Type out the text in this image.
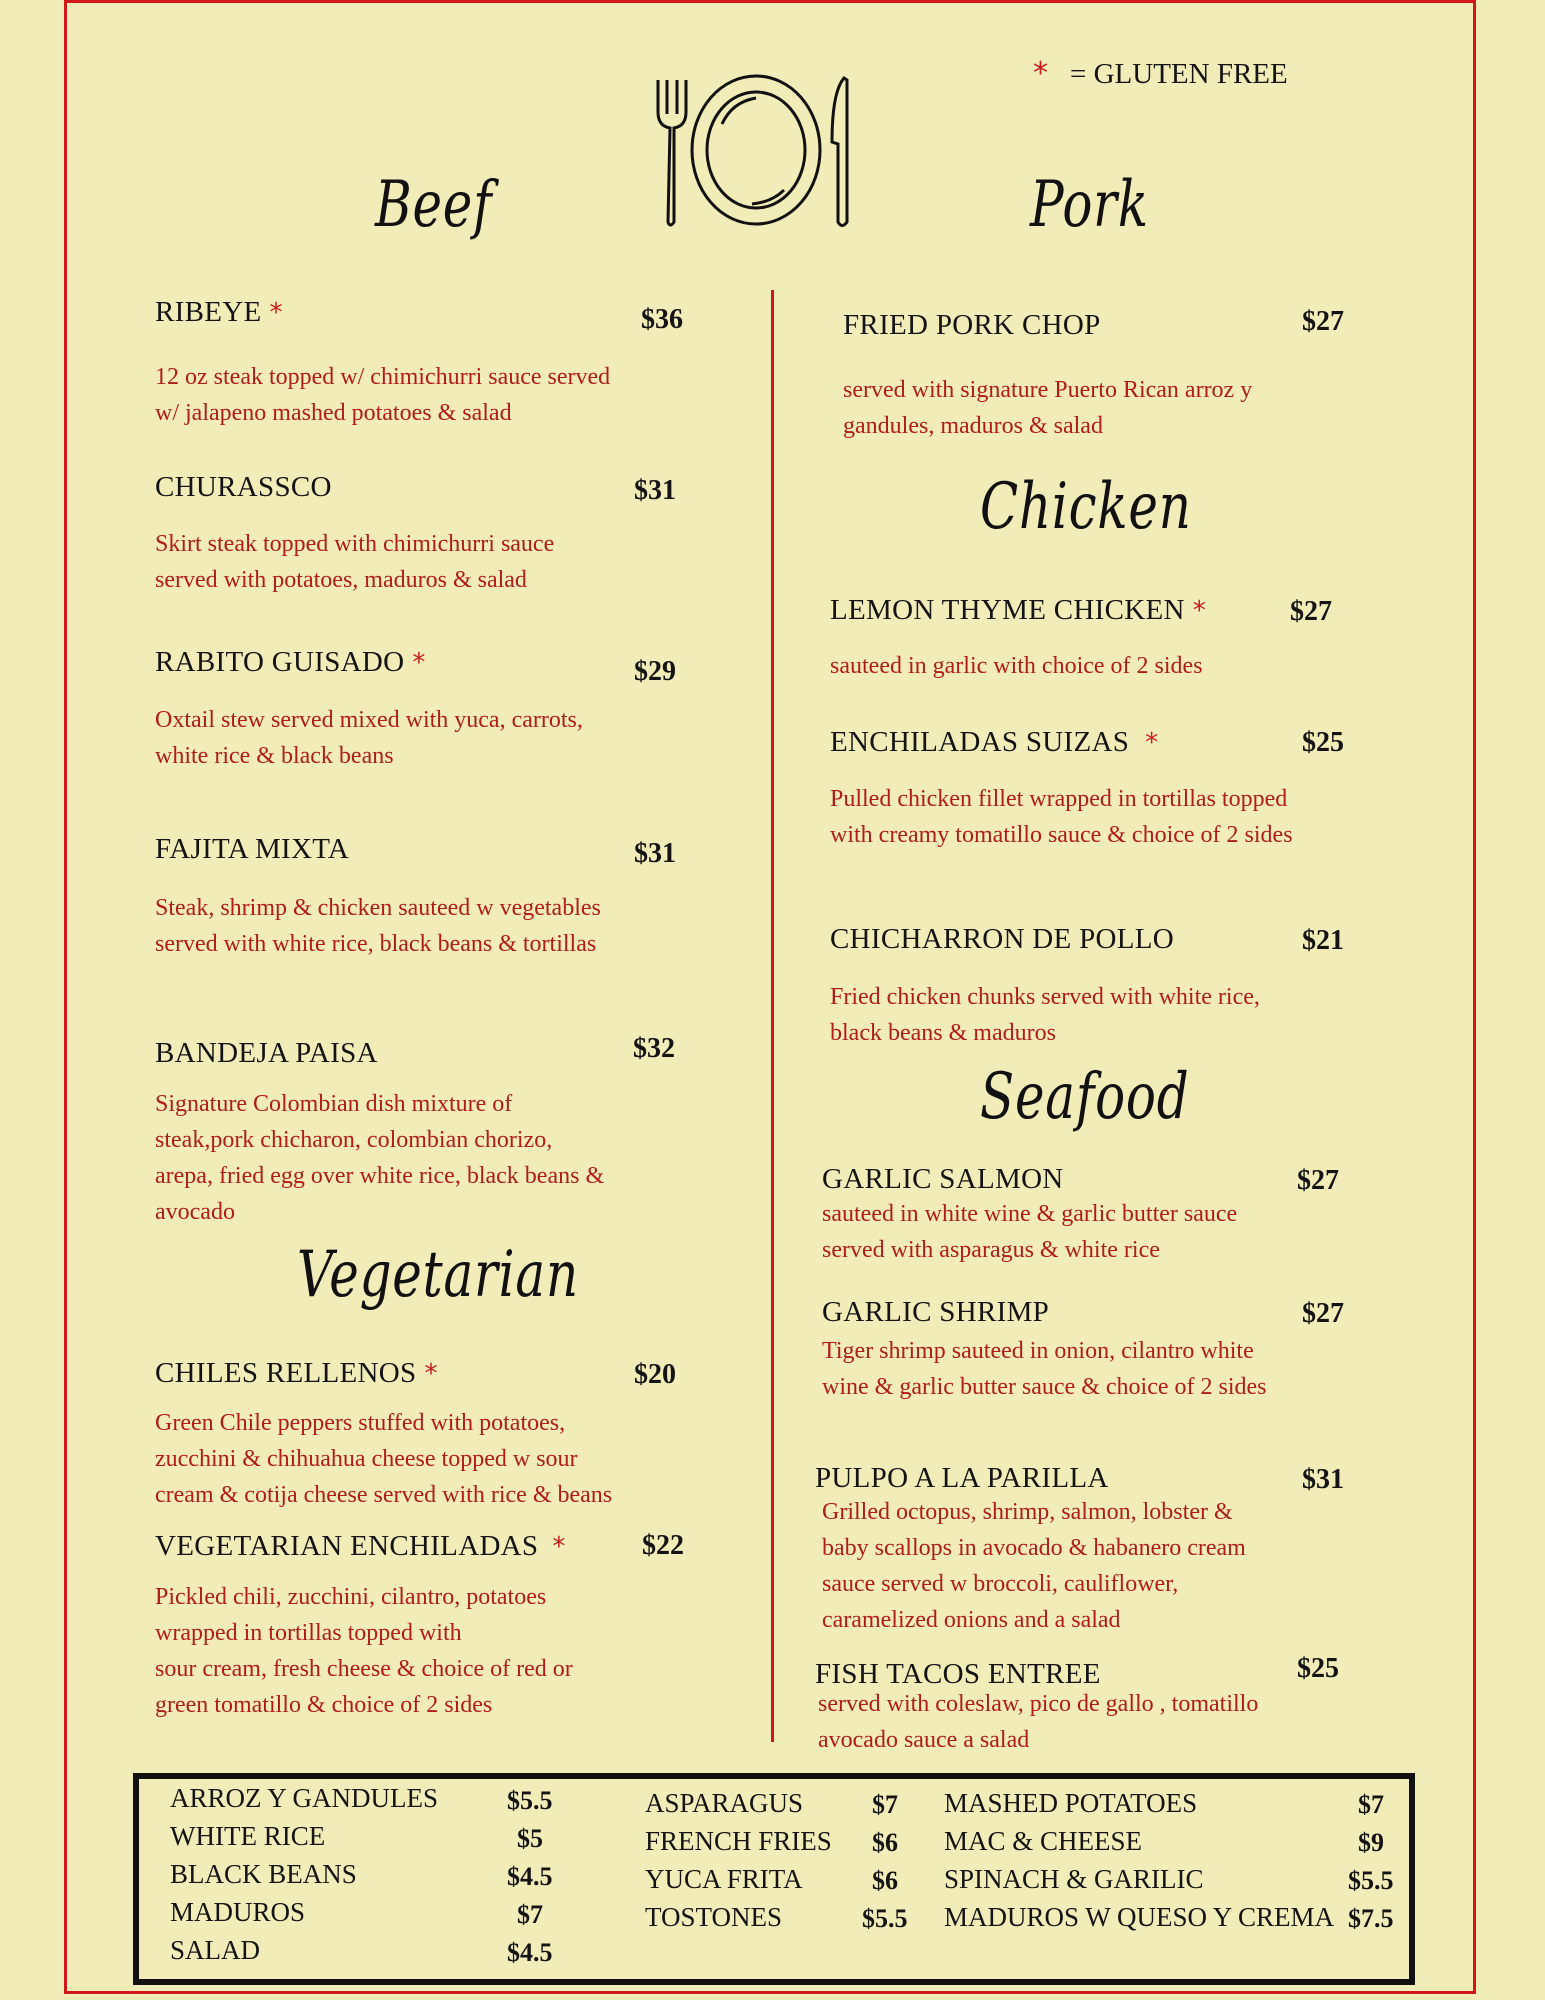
* = GLUTEN FREE
Beef	Pork
Chicken
Seafood
Vegetarian
RIBEYE *	$36
12 oz steak topped w/ chimichurri sauce served
w/ jalapeno mashed potatoes & salad
CHURASSCO	$31
Skirt steak topped with chimichurri sauce
served with potatoes, maduros & salad
RABITO GUISADO *	$29
Oxtail stew served mixed with yuca, carrots,
white rice & black beans
FAJITA MIXTA	$31
Steak, shrimp & chicken sauteed w vegetables
served with white rice, black beans & tortillas
BANDEJA PAISA	$32
Signature Colombian dish mixture of
steak,pork chicharon, colombian chorizo,
arepa, fried egg over white rice, black beans &
avocado
CHILES RELLENOS *	$20
Green Chile peppers stuffed with potatoes,
zucchini & chihuahua cheese topped w sour
cream & cotija cheese served with rice & beans
VEGETARIAN ENCHILADAS *	$22
Pickled chili, zucchini, cilantro, potatoes
wrapped in tortillas topped with
sour cream, fresh cheese & choice of red or
green tomatillo & choice of 2 sides
FRIED PORK CHOP	$27
served with signature Puerto Rican arroz y
gandules, maduros & salad
LEMON THYME CHICKEN *	$27
sauteed in garlic with choice of 2 sides
ENCHILADAS SUIZAS *	$25
Pulled chicken fillet wrapped in tortillas topped
with creamy tomatillo sauce & choice of 2 sides
CHICHARRON DE POLLO	$21
Fried chicken chunks served with white rice,
black beans & maduros
GARLIC SALMON	$27
sauteed in white wine & garlic butter sauce
served with asparagus & white rice
GARLIC SHRIMP	$27
Tiger shrimp sauteed in onion, cilantro white
wine & garlic butter sauce & choice of 2 sides
PULPO A LA PARILLA	$31
Grilled octopus, shrimp, salmon, lobster &
baby scallops in avocado & habanero cream
sauce served w broccoli, cauliflower,
caramelized onions and a salad
FISH TACOS ENTREE	$25
served with coleslaw, pico de gallo , tomatillo
avocado sauce a salad
ARROZ Y GANDULES	$5.5
WHITE RICE	$5
BLACK BEANS	$4.5
MADUROS	$7
SALAD	$4.5
ASPARAGUS	$7
FRENCH FRIES $6
YUCA FRITA	$6
TOSTONES	$5.5
MASHED POTATOES	$7
MAC & CHEESE	$9
SPINACH & GARILIC	$5.5
MADUROS W QUESO Y CREMA $7.5
